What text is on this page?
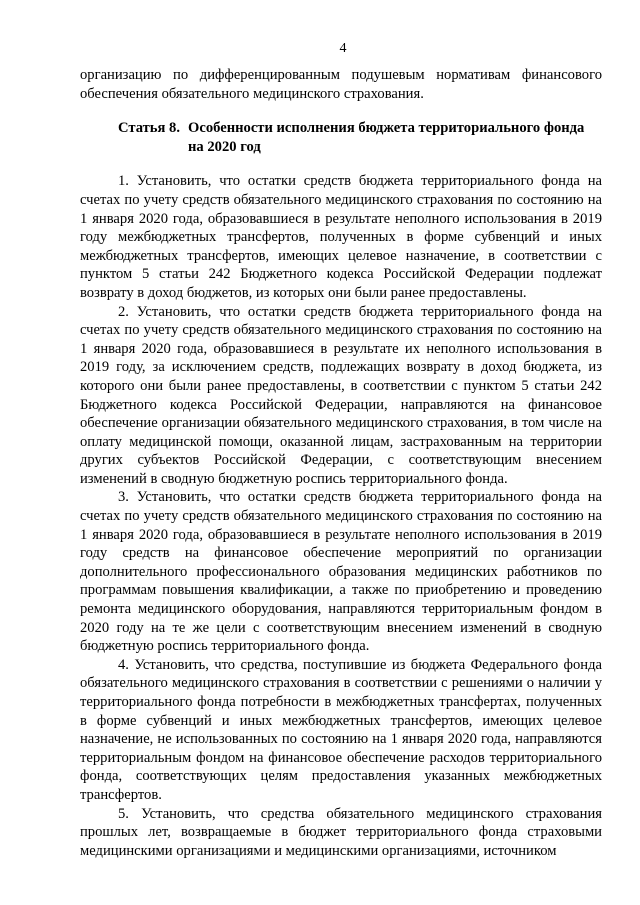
4

организацию по дифференцированным подушевым нормативам финансового обеспечения обязательного медицинского страхования.

Статья 8. Особенности исполнения бюджета территориального фонда на 2020 год

1. Установить, что остатки средств бюджета территориального фонда на счетах по учету средств обязательного медицинского страхования по состоянию на 1 января 2020 года, образовавшиеся в результате неполного использования в 2019 году межбюджетных трансфертов, полученных в форме субвенций и иных межбюджетных трансфертов, имеющих целевое назначение, в соответствии с пунктом 5 статьи 242 Бюджетного кодекса Российской Федерации подлежат возврату в доход бюджетов, из которых они были ранее предоставлены.

2. Установить, что остатки средств бюджета территориального фонда на счетах по учету средств обязательного медицинского страхования по состоянию на 1 января 2020 года, образовавшиеся в результате их неполного использования в 2019 году, за исключением средств, подлежащих возврату в доход бюджета, из которого они были ранее предоставлены, в соответствии с пунктом 5 статьи 242 Бюджетного кодекса Российской Федерации, направляются на финансовое обеспечение организации обязательного медицинского страхования, в том числе на оплату медицинской помощи, оказанной лицам, застрахованным на территории других субъектов Российской Федерации, с соответствующим внесением изменений в сводную бюджетную роспись территориального фонда.

3. Установить, что остатки средств бюджета территориального фонда на счетах по учету средств обязательного медицинского страхования по состоянию на 1 января 2020 года, образовавшиеся в результате неполного использования в 2019 году средств на финансовое обеспечение мероприятий по организации дополнительного профессионального образования медицинских работников по программам повышения квалификации, а также по приобретению и проведению ремонта медицинского оборудования, направляются территориальным фондом в 2020 году на те же цели с соответствующим внесением изменений в сводную бюджетную роспись территориального фонда.

4. Установить, что средства, поступившие из бюджета Федерального фонда обязательного медицинского страхования в соответствии с решениями о наличии у территориального фонда потребности в межбюджетных трансфертах, полученных в форме субвенций и иных межбюджетных трансфертов, имеющих целевое назначение, не использованных по состоянию на 1 января 2020 года, направляются территориальным фондом на финансовое обеспечение расходов территориального фонда, соответствующих целям предоставления указанных межбюджетных трансфертов.

5. Установить, что средства обязательного медицинского страхования прошлых лет, возвращаемые в бюджет территориального фонда страховыми медицинскими организациями и медицинскими организациями, источником
